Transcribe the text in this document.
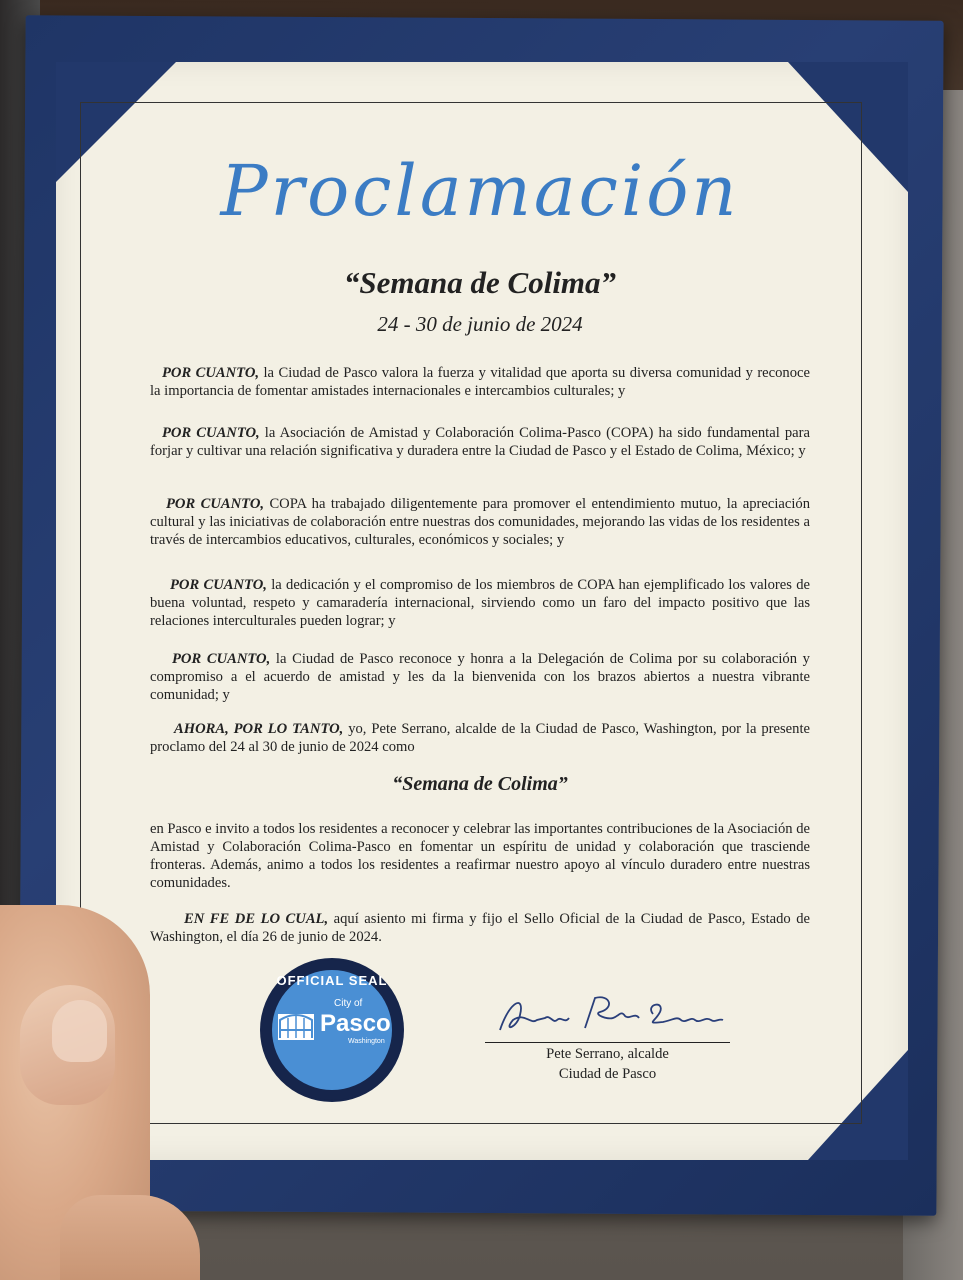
Proclamación
“Semana de Colima”
24 - 30 de junio de 2024
POR CUANTO, la Ciudad de Pasco valora la fuerza y vitalidad que aporta su diversa comunidad y reconoce la importancia de fomentar amistades internacionales e intercambios culturales; y
POR CUANTO, la Asociación de Amistad y Colaboración Colima-Pasco (COPA) ha sido fundamental para forjar y cultivar una relación significativa y duradera entre la Ciudad de Pasco y el Estado de Colima, México; y
POR CUANTO, COPA ha trabajado diligentemente para promover el entendimiento mutuo, la apreciación cultural y las iniciativas de colaboración entre nuestras dos comunidades, mejorando las vidas de los residentes a través de intercambios educativos, culturales, económicos y sociales; y
POR CUANTO, la dedicación y el compromiso de los miembros de COPA han ejemplificado los valores de buena voluntad, respeto y camaradería internacional, sirviendo como un faro del impacto positivo que las relaciones interculturales pueden lograr; y
POR CUANTO, la Ciudad de Pasco reconoce y honra a la Delegación de Colima por su colaboración y compromiso a el acuerdo de amistad y les da la bienvenida con los brazos abiertos a nuestra vibrante comunidad; y
AHORA, POR LO TANTO, yo, Pete Serrano, alcalde de la Ciudad de Pasco, Washington, por la presente proclamo del 24 al 30 de junio de 2024 como
“Semana de Colima”
en Pasco e invito a todos los residentes a reconocer y celebrar las importantes contribuciones de la Asociación de Amistad y Colaboración Colima-Pasco en fomentar un espíritu de unidad y colaboración que trasciende fronteras. Además, animo a todos los residentes a reafirmar nuestro apoyo al vínculo duradero entre nuestras comunidades.
EN FE DE LO CUAL, aquí asiento mi firma y fijo el Sello Oficial de la Ciudad de Pasco, Estado de Washington, el día 26 de junio de 2024.
OFFICIAL SEAL
City of
Pasco
Washington
Pete Serrano, alcalde
Ciudad de Pasco
